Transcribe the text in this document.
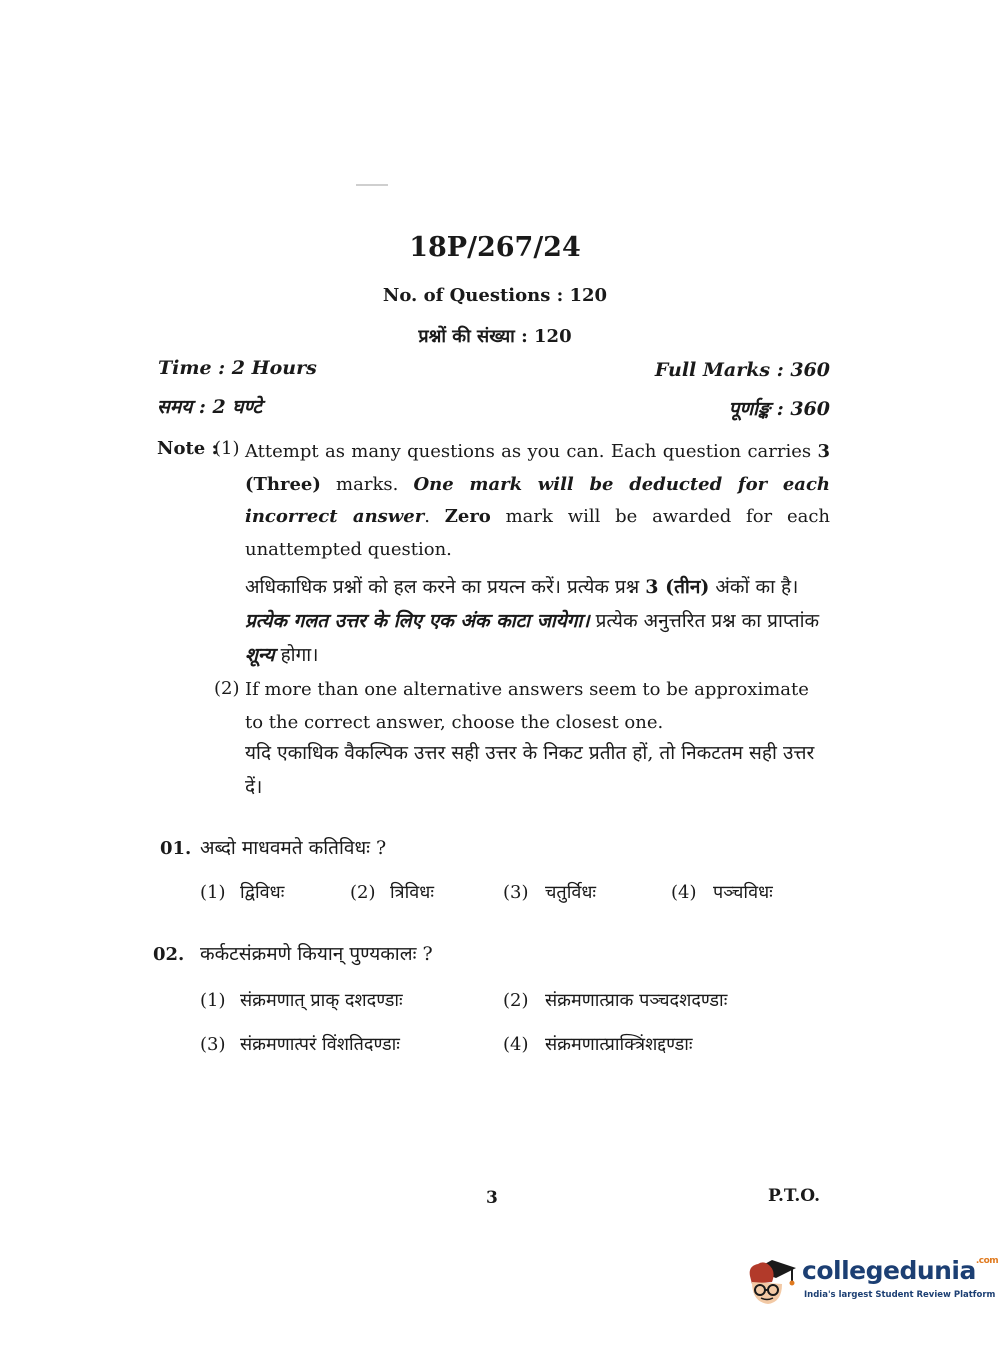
18P/267/24
No. of Questions : 120
प्रश्नों की संख्या : 120
Time : 2 Hours
समय : 2 घण्टे
Full Marks : 360
पूर्णाङ्क : 360
Note :
(1) Attempt as many questions as you can. Each question carries 3 (Three) marks. One mark will be deducted for each incorrect answer. Zero mark will be awarded for each unattempted question.
अधिकाधिक प्रश्नों को हल करने का प्रयत्न करें। प्रत्येक प्रश्न 3 (तीन) अंकों का है। प्रत्येक गलत उत्तर के लिए एक अंक काटा जायेगा। प्रत्येक अनुत्तरित प्रश्न का प्राप्तांक शून्य होगा।
(2) If more than one alternative answers seem to be approximate to the correct answer, choose the closest one.
यदि एकाधिक वैकल्पिक उत्तर सही उत्तर के निकट प्रतीत हों, तो निकटतम सही उत्तर दें।
01. अब्दो माधवमते कतिविधः ?
(1) द्विविधः	(2) त्रिविधः	(3) चतुर्विधः	(4) पञ्चविधः
02. कर्कटसंक्रमणे कियान् पुण्यकालः ?
(1) संक्रमणात् प्राक् दशदण्डाः	(2) संक्रमणात्प्राक पञ्चदशदण्डाः
(3) संक्रमणात्परं विंशतिदण्डाः	(4) संक्रमणात्प्राक्त्रिंशद्दण्डाः
3	P.T.O.
collegedunia$^{.com}$
India's largest Student Review Platform
